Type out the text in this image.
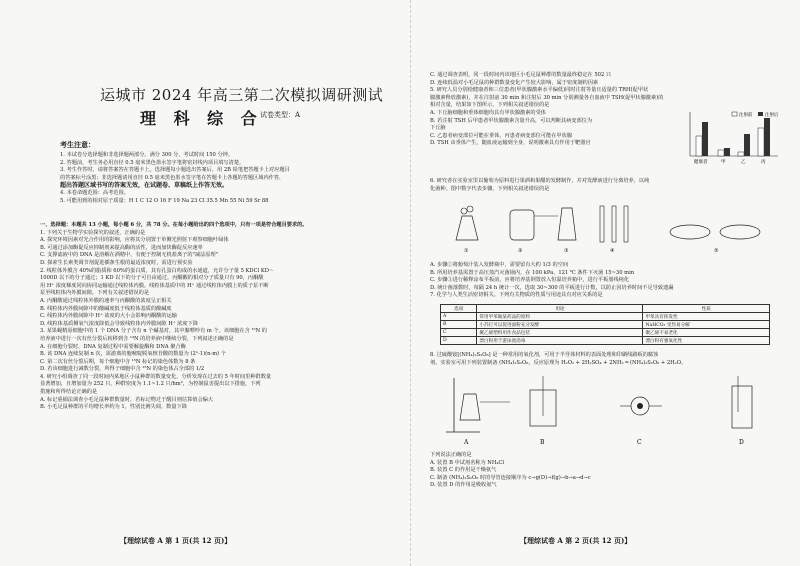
运城市 2024 年高三第二次模拟调研测试
理 科 综 合
试卷类型：A

考生注意：

1. 本试卷分选择题和非选择题两部分。满分 300 分，考试时间 150 分钟。

2. 答题前，考生务必用直径 0.5 毫米黑色墨水签字笔将密封线内项目填写清楚。

3. 考生作答时，请将答案答在答题卡上。选择题每小题选出答案后，用 2B 铅笔把答题卡上对应题目

的答案标号涂黑；非选择题请用直径 0.5 毫米黑色墨水签字笔在答题卡上各题的答题区域内作答，

超出答题区域书写的答案无效，在试题卷、草稿纸上作答无效。

4. 本卷命题范围：高考范围。

5. 可能用到的相对原子质量：H 1 C 12 O 16 F 19 Na 23 Cl 35.5 Mn 55 Ni 59 Sr 88

一、选择题：本题共 13 小题，每小题 6 分，共 78 分。在每小题给出的四个选项中，只有一项是符合题目要求的。

1. 下列关于生物学实验探究的叙述，正确的是

A. 探究环境因素对光合作用的影响，应将其分别置于单侧光照射下观察细胞叶绿体

B. 可通过添加酶促反应抑制剂来提高酶的活性，进而加快酶促反应速率

C. 支撑滤液中的 DNA 是溶解在酒精中，有便于控制无机盐离子的"减法原理"

D. 探索生长素类调节剂促进插条生根的最适浓度时，需进行预实验

2. 线粒体外膜含 40%的脂质和 60%的蛋白质，其有孔蛋白构成的水通道，允许分子量 5 KDCl KD～

1000D 以下的分子通过；1 KD 以下的分子可自由通过。丙酮酸的相对分子质量只有 90，丙酮酸

用 H⁺ 浓度梯度同向协同运输通过线粒体内膜。线粒体基质中的 H⁺ 通过线粒体内膜上的质子泵不断

泵至线粒体内外膜间隙。下列有关叙述错误的是

A. 丙酮酸通过线粒体外膜的速率与丙酮酸的浓度呈正相关

B. 线粒体内外膜间隙中的酸碱度低于线粒体基质的酸碱度

C. 线粒体内外膜间隙中 H⁺ 浓度的大小会影响丙酮酸的运输

D. 线粒体基质侧氧气浓度降低会导致线粒体内外膜间隙 H⁺ 浓度下降

3. 某果蝇精原细胞中的 1 个 DNA 分子含有 n 个碱基对，其中腺嘌呤有 m 个。该细胞在含 ¹⁵N 的

培养液中进行一次有丝分裂后转移到含 ¹⁴N 的培养液中继续分裂，下列叙述正确的是

A. 在细胞分裂时，DNA 复制过程中需要解旋酶和 DNA 聚合酶

B. 该 DNA 连续复制 n 次，需游离的胞嘧啶脱氧核苷酸的数量为 (2ⁿ-1)(n-m) 个

C. 第二次有丝分裂后期，每个细胞中含 ¹⁵N 标记的染色体数为 8 条

D. 若该细胞进行减数分裂，所得子细胞中含 ¹⁵N 的染色体占全部的 1/2

4. 研究小组调查了同一段时间内某地区小鼠种群的数量变化，分析发现在过去的 5 年时间里种群数量

显著增加，且增加量为 252 只，种群密度为 1.1~1.2 只/hm²，为控制鼠害提出以下措施，下列

措施和所得结论正确的是

A. 标记重捕法调查小毛足鼠种群数量时，若标记物过于醒目则估算值会偏大

B. 小毛足鼠种群的平均增长率约为 1，性别比例失调，数量下降

【理综试卷 A 第 1 页(共 12 页)】

C. 通过调查表明，同一段时间内该地区小毛足鼠种群的数量最终稳定在 502 只

D. 连续低温对小毛足鼠的种群数量变化产生较大影响，属于密度制约因素

5. 研究人员分别给健康者和三位患者(甲状腺激素水平偏低)同时注射等量且适量的 TRH(促甲状

腺激素释放激素)，并在注射前 30 min 和注射后 30 min 分别测量各自血液中 TSH(促甲状腺激素)的

相对含量，结果如下图所示。下列相关叙述错误的是

A. 下丘脑细胞和垂体细胞均具有甲状腺激素的受体

B. 若注射 TSH 后甲患者甲状腺激素含量升高，可以判断其病变部位为

下丘脑

C. 乙患者病变部位可能在垂体，丙患者病变部位可能在甲状腺

D. TSH 由垂体产生，随血液运输到全身，说明激素具有作用于靶器官

注射前	注射后
健康者	甲	乙	丙

6. 研究者在实验室里以葡萄为原料进行果酒和果醋的发酵制作，并对发酵液进行分离培养，以纯

化菌种。图中数字代表步骤，下列相关叙述错误的是

①	②	③	④	⑤

A. 步骤①将葡萄汁装入发酵瓶中，需要留有大约 1/3 的空间

B. 所用培养基需置于高压蒸汽灭菌锅内，在 100 kPa、121 ℃ 条件下灭菌 15~30 min

C. 步骤③进行稀释涂布平板前，应将培养基倒置放入恒温培养箱中，进行平板划线纯化

D. 统计菌落数时，每隔 24 h 统计一次，选取 30~300 的平板进行计数，以防止因培养时间不足导致遗漏

7. 化学与人类生活密切相关。下列有关物质的性质与用途具有对应关系的是

选项	用途	性质
A	常用甲苯做某药品的原料	甲苯具有挥发性
B	小苏打可以促进面粉充分发酵	NaHCO₃ 受热易分解
C	聚乙烯塑料用作食品包装	聚乙烯不易老化
D	漂白粉用于游泳池消毒	漂白粉有强氧化性

8. 过硫酸铵[(NH₄)₂S₂O₈] 是一种常用的氧化剂，可用于半导体材料的表面处理和印刷线路板的腐蚀

剂。实验室可用下列装置制备 (NH₄)₂S₂O₈，反应原理为 H₂O₂ + 2H₂SO₄ + 2NH₃ ═ (NH₄)₂S₂O₈ + 2H₂O。

A	B	C	D

下列说法正确的是

A. 装置 B 中试剂名称为 NH₄Cl

B. 装置 C 的作用是干燥氨气

C. 制备 (NH₄)₂S₂O₈ 时的导管连接顺序为 c→g(D)→f(g)→b→a→d→c

D. 装置 D 的作用是吸收氨气

【理综试卷 A 第 2 页(共 12 页)】
